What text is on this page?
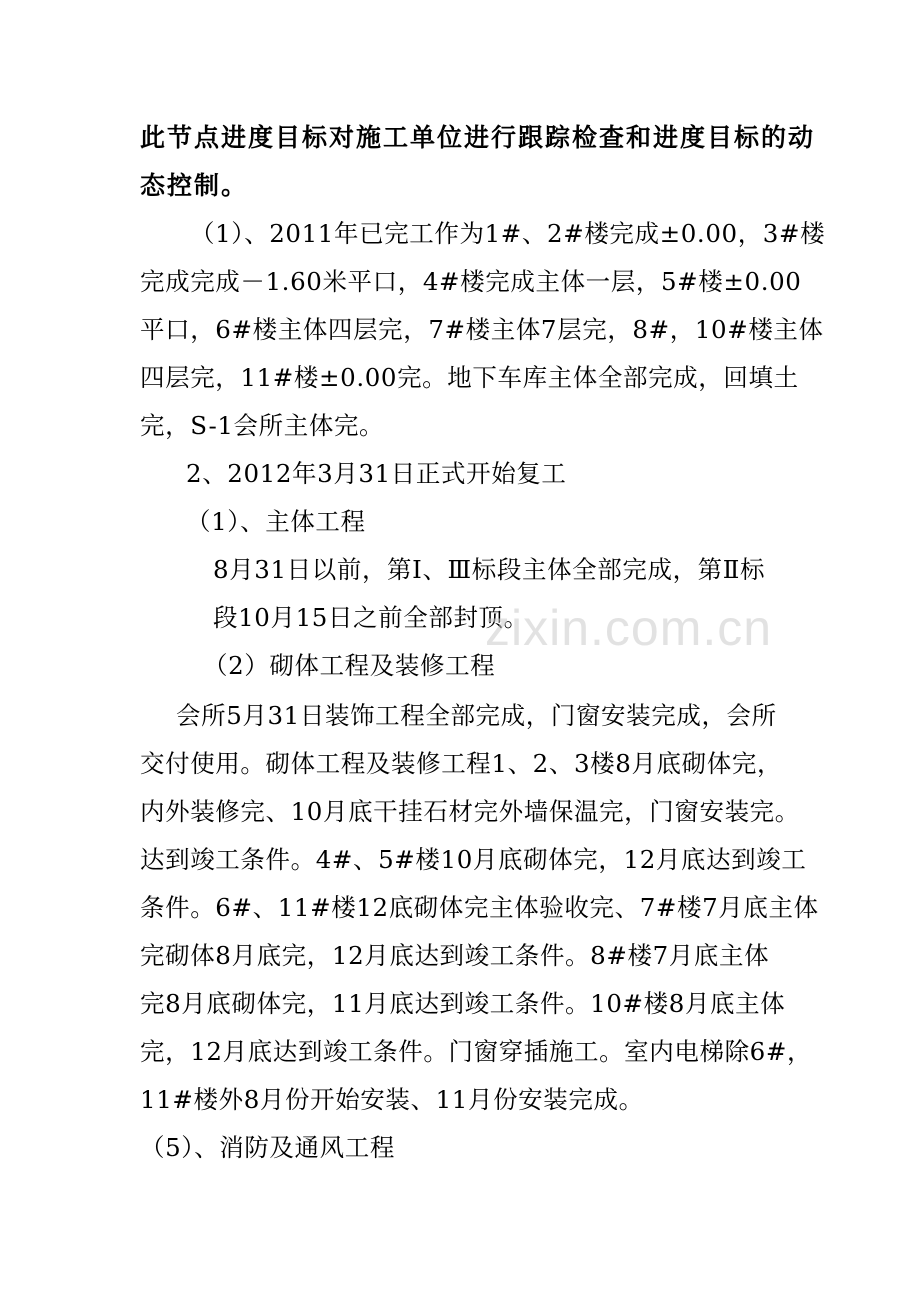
此节点进度目标对施工单位进行跟踪检查和进度目标的动
态控制。
（1）、2011年已完工作为1#、2#楼完成±0.00，3#楼
完成完成－1.60米平口，4#楼完成主体一层，5#楼±0.00
平口，6#楼主体四层完，7#楼主体7层完，8#，10#楼主体
四层完，11#楼±0.00完。地下车库主体全部完成，回填土
完，S-1会所主体完。
2、2012年3月31日正式开始复工
（1）、主体工程
8月31日以前，第Ⅰ、Ⅲ标段主体全部完成，第Ⅱ标
段10月15日之前全部封顶。
（2）砌体工程及装修工程
会所5月31日装饰工程全部完成，门窗安装完成，会所
交付使用。砌体工程及装修工程1、2、3楼8月底砌体完，
内外装修完、10月底干挂石材完外墙保温完，门窗安装完。
达到竣工条件。4#、5#楼10月底砌体完，12月底达到竣工
条件。6#、11#楼12底砌体完主体验收完、7#楼7月底主体
完砌体8月底完，12月底达到竣工条件。8#楼7月底主体
完8月底砌体完，11月底达到竣工条件。10#楼8月底主体
完，12月底达到竣工条件。门窗穿插施工。室内电梯除6#，
11#楼外8月份开始安装、11月份安装完成。
（5）、消防及通风工程
zixin.com.cn
